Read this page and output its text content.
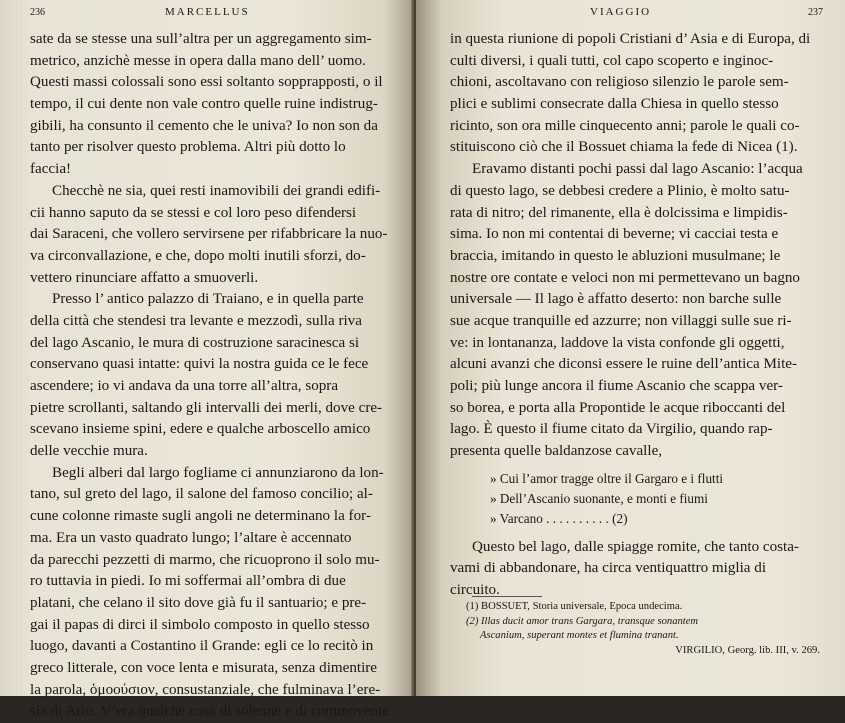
236	MARCELLUS
sate da se stesse una sull’altra per un aggregamento sim-
metrico, anzichè messe in opera dalla mano dell’ uomo.
Questi massi colossali sono essi soltanto sopprapposti, o il
tempo, il cui dente non vale contro quelle ruine indistrug-
gibili, ha consunto il cemento che le univa? Io non son da
tanto per risolver questo problema. Altri più dotto lo
faccia!
Checchè ne sia, quei resti inamovibili dei grandi edifi-
cii hanno saputo da se stessi e col loro peso difendersi
dai Saraceni, che vollero servirsene per rifabbricare la nuo-
va circonvallazione, e che, dopo molti inutili sforzi, do-
vettero rinunciare affatto a smuoverli.
Presso l’ antico palazzo di Traiano, e in quella parte
della città che stendesi tra levante e mezzodì, sulla riva
del lago Ascanio, le mura di costruzione saracinesca si
conservano quasi intatte: quivi la nostra guida ce le fece
ascendere; io vi andava da una torre all’altra, sopra
pietre scrollanti, saltando gli intervalli dei merli, dove cre-
scevano insieme spini, edere e qualche arboscello amico
delle vecchie mura.
Begli alberi dal largo fogliame ci annunziarono da lon-
tano, sul greto del lago, il salone del famoso concilio; al-
cune colonne rimaste sugli angoli ne determinano la for-
ma. Era un vasto quadrato lungo; l’altare è accennato
da parecchi pezzetti di marmo, che ricuoprono il solo mu-
ro tuttavia in piedi. Io mi soffermai all’ombra di due
platani, che celano il sito dove già fu il santuario; e pre-
gai il papas di dirci il simbolo composto in quello stesso
luogo, davanti a Costantino il Grande: egli ce lo recitò in
greco litterale, con voce lenta e misurata, senza dimentire
la parola, ὁμοούσιον, consustanziale, che fulminava l’ere-
sia di Ario. V’era qualche cosa di solenne e di commovente
VIAGGIO	237
in questa riunione di popoli Cristiani d’ Asia e di Europa, di
culti diversi, i quali tutti, col capo scoperto e inginoc-
chioni, ascoltavano con religioso silenzio le parole sem-
plici e sublimi consecrate dalla Chiesa in quello stesso
ricinto, son ora mille cinquecento anni; parole le quali co-
stituiscono ciò che il Bossuet chiama la fede di Nicea (1).
Eravamo distanti pochi passi dal lago Ascanio: l’acqua
di questo lago, se debbesi credere a Plinio, è molto satu-
rata di nitro; del rimanente, ella è dolcissima e limpidis-
sima. Io non mi contentai di beverne; vi cacciai testa e
braccia, imitando in questo le abluzioni musulmane; le
nostre ore contate e veloci non mi permettevano un bagno
universale — Il lago è affatto deserto: non barche sulle
sue acque tranquille ed azzurre; non villaggi sulle sue ri-
ve: in lontananza, laddove la vista confonde gli oggetti,
alcuni avanzi che diconsi essere le ruine dell’antica Mite-
poli; più lunge ancora il fiume Ascanio che scappa ver-
so borea, e porta alla Propontide le acque riboccanti del
lago. È questo il fiume citato da Virgilio, quando rap-
presenta quelle baldanzose cavalle,
» Cui l’amor tragge oltre il Gargaro e i flutti
» Dell’Ascanio suonante, e monti e fiumi
» Varcano . . . . . . . . . . (2)
Questo bel lago, dalle spiagge romite, che tanto costa-
vami di abbandonare, ha circa ventiquattro miglia di
circuito.
(1) BOSSUET, Storia universale, Epoca undecima.
(2) Illas ducit amor trans Gargara, transque sonantem
Ascanium, superant montes et flumina tranant.
VIRGILIO, Georg. lib. III, v. 269.
